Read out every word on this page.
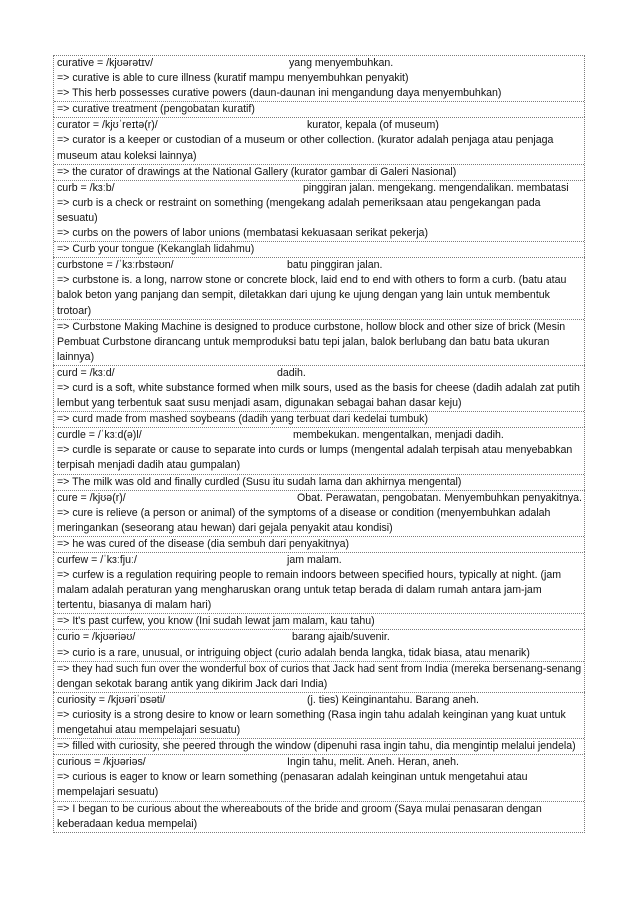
curative = /kjʊərətɪv/	yang menyembuhkan.
=> curative is able to cure illness (kuratif mampu menyembuhkan penyakit)
=> This herb possesses curative powers (daun-daunan ini mengandung daya menyembuhkan)
=> curative treatment (pengobatan kuratif)
curator = /kjʊˈreɪtə(r)/	kurator, kepala (of museum)
=> curator is a keeper or custodian of a museum or other collection. (kurator adalah penjaga atau penjaga museum atau koleksi lainnya)
=> the curator of drawings at the National Gallery (kurator gambar di Galeri Nasional)
curb = /kɜːb/	pinggiran jalan. mengekang. mengendalikan. membatasi
=> curb is a check or restraint on something (mengekang adalah pemeriksaan atau pengekangan pada sesuatu)
=> curbs on the powers of labor unions (membatasi kekuasaan serikat pekerja)
=> Curb your tongue (Kekanglah lidahmu)
curbstone = /ˈkɜːrbstəʊn/	batu pinggiran jalan.
=> curbstone is. a long, narrow stone or concrete block, laid end to end with others to form a curb. (batu atau balok beton yang panjang dan sempit, diletakkan dari ujung ke ujung dengan yang lain untuk membentuk trotoar)
=> Curbstone Making Machine is designed to produce curbstone, hollow block and other size of brick (Mesin Pembuat Curbstone dirancang untuk memproduksi batu tepi jalan, balok berlubang dan batu bata ukuran lainnya)
curd = /kɜːd/	dadih.
=> curd is a soft, white substance formed when milk sours, used as the basis for cheese (dadih adalah zat putih lembut yang terbentuk saat susu menjadi asam, digunakan sebagai bahan dasar keju)
=> curd made from mashed soybeans (dadih yang terbuat dari kedelai tumbuk)
curdle = /ˈkɜːd(ə)l/	membekukan. mengentalkan, menjadi dadih.
=> curdle is separate or cause to separate into curds or lumps (mengental adalah terpisah atau menyebabkan terpisah menjadi dadih atau gumpalan)
=> The milk was old and finally curdled (Susu itu sudah lama dan akhirnya mengental)
cure = /kjʊə(r)/	Obat. Perawatan, pengobatan. Menyembuhkan penyakitnya.
=> cure is relieve (a person or animal) of the symptoms of a disease or condition (menyembuhkan adalah meringankan (seseorang atau hewan) dari gejala penyakit atau kondisi)
=> he was cured of the disease (dia sembuh dari penyakitnya)
curfew = /ˈkɜːfjuː/	jam malam.
=> curfew is a regulation requiring people to remain indoors between specified hours, typically at night. (jam malam adalah peraturan yang mengharuskan orang untuk tetap berada di dalam rumah antara jam-jam tertentu, biasanya di malam hari)
=> It's past curfew, you know (Ini sudah lewat jam malam, kau tahu)
curio = /kjʊəriəʊ/	barang ajaib/suvenir.
=> curio is a rare, unusual, or intriguing object (curio adalah benda langka, tidak biasa, atau menarik)
=> they had such fun over the wonderful box of curios that Jack had sent from India (mereka bersenang-senang dengan sekotak barang antik yang dikirim Jack dari India)
curiosity = /kjʊəriˈɒsəti/	(j. ties) Keinginantahu. Barang aneh.
=> curiosity is a strong desire to know or learn something (Rasa ingin tahu adalah keinginan yang kuat untuk mengetahui atau mempelajari sesuatu)
=> filled with curiosity, she peered through the window (dipenuhi rasa ingin tahu, dia mengintip melalui jendela)
curious = /kjʊəriəs/	Ingin tahu, melit. Aneh. Heran, aneh.
=> curious is eager to know or learn something (penasaran adalah keinginan untuk mengetahui atau mempelajari sesuatu)
=> I began to be curious about the whereabouts of the bride and groom (Saya mulai penasaran dengan keberadaan kedua mempelai)
